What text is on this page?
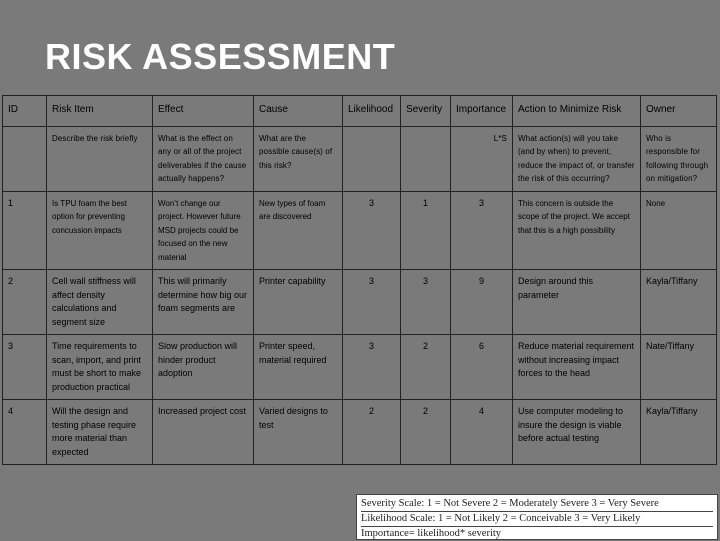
RISK ASSESSMENT
ID	Risk Item	Effect	Cause	Likelihood	Severity	Importance	Action to Minimize Risk	Owner
	Describe the risk briefly	What is the effect on any or all of the project deliverables if the cause actually happens?	What are the possible cause(s) of this risk?			L*S	What action(s) will you take (and by when) to prevent, reduce the impact of, or transfer the risk of this occurring?	Who is responsible for following through on mitigation?
1	Is TPU foam the best option for preventing concussion impacts	Won’t change our project. However future MSD projects could be focused on the new material	New types of foam are discovered	3	1	3	This concern is outside the scope of the project. We accept that this is a high possibility	None
2	Cell wall stiffness will affect density calculations and segment size	This will primarily determine how big our foam segments are	Printer capability	3	3	9	Design around this parameter	Kayla/Tiffany
3	Time requirements to scan, import, and print must be short to make production practical	Slow production will hinder product adoption	Printer speed, material required	3	2	6	Reduce material requirement without increasing impact forces to the head	Nate/Tiffany
4	Will the design and testing phase require more material than expected	Increased project cost	Varied designs to test	2	2	4	Use computer modeling to insure the design is viable before actual testing	Kayla/Tiffany
Severity Scale: 1 = Not Severe 2 = Moderately Severe 3 = Very Severe
Likelihood Scale: 1 = Not Likely 2 = Conceivable 3 = Very Likely
Importance= likelihood* severity
